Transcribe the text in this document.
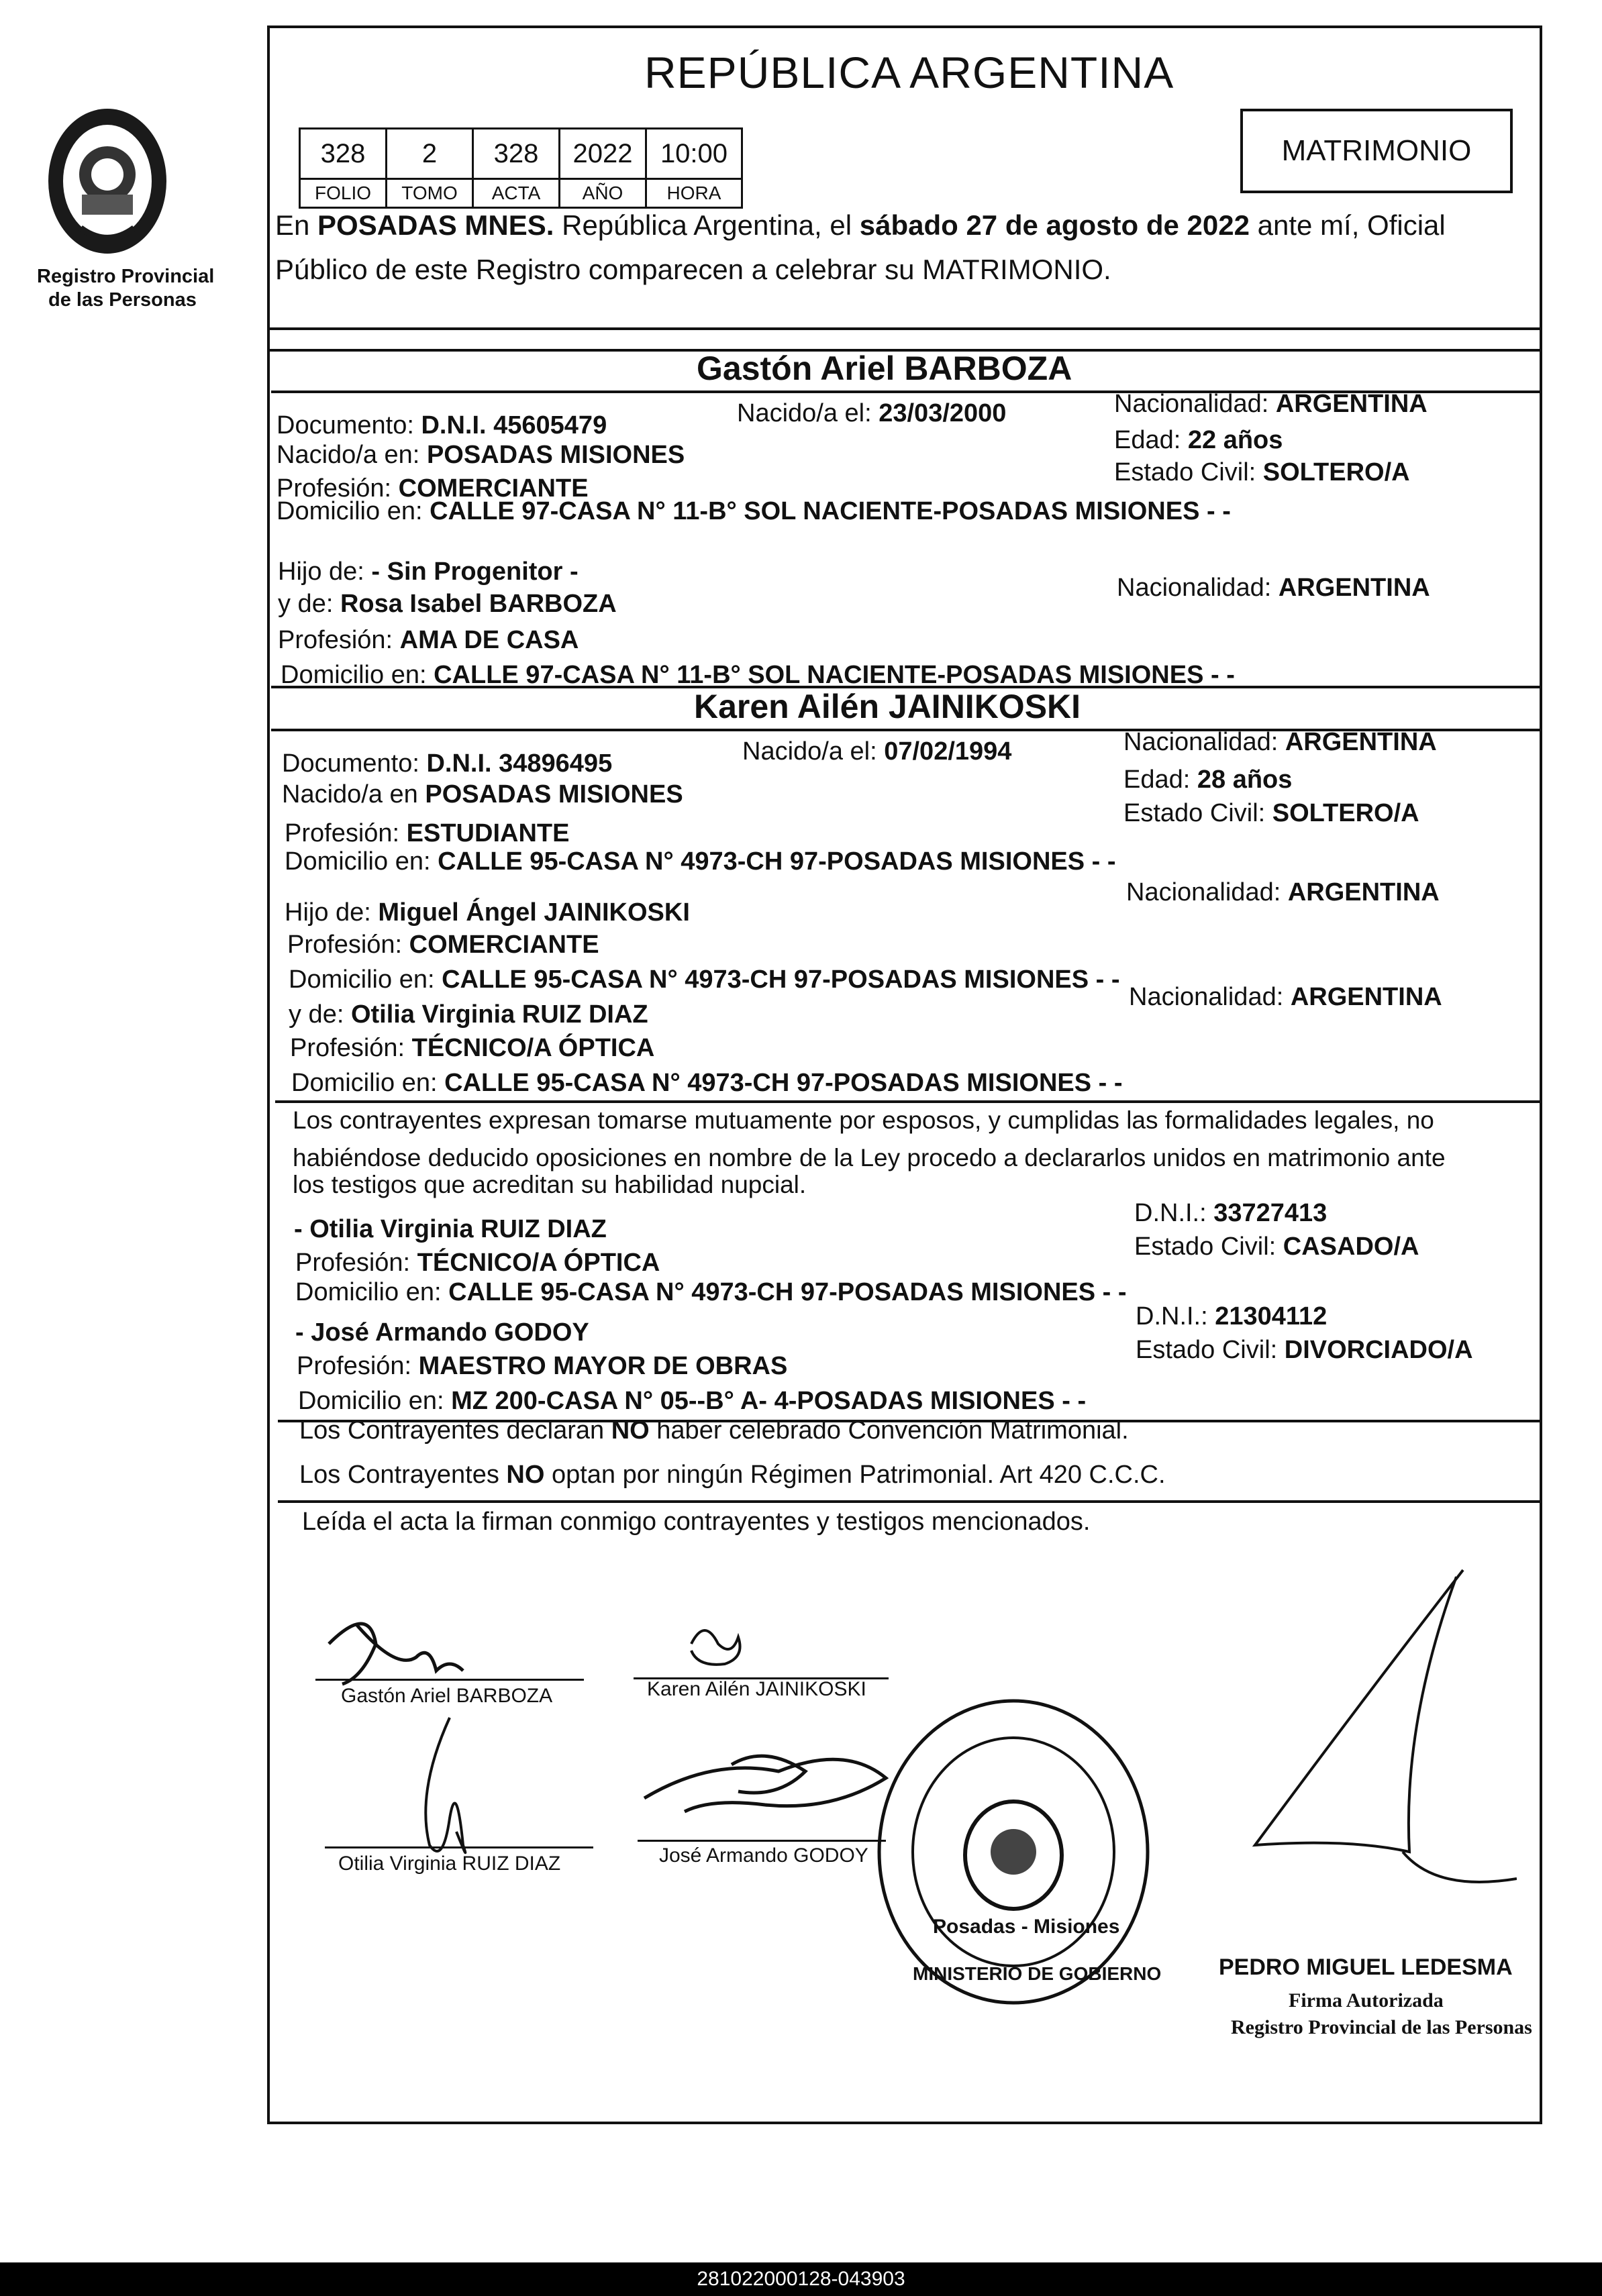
Registro Provincial
de las Personas
REPÚBLICA ARGENTINA
328	2	328	2022	10:00
FOLIO	TOMO	ACTA	AÑO	HORA
MATRIMONIO
En POSADAS MNES. República Argentina, el sábado 27 de agosto de 2022 ante mí, Oficial
Público de este Registro comparecen a celebrar su MATRIMONIO.
Gastón Ariel BARBOZA
Documento: D.N.I. 45605479	Nacido/a el: 23/03/2000	Nacionalidad: ARGENTINA
Nacido/a en: POSADAS MISIONES
Edad: 22 años
Profesión: COMERCIANTE
Estado Civil: SOLTERO/A
Domicilio en: CALLE 97-CASA N° 11-B° SOL NACIENTE-POSADAS MISIONES - -
Hijo de: - Sin Progenitor -
y de: Rosa Isabel BARBOZA
Nacionalidad: ARGENTINA
Profesión: AMA DE CASA
Domicilio en: CALLE 97-CASA N° 11-B° SOL NACIENTE-POSADAS MISIONES - -
Karen Ailén JAINIKOSKI
Documento: D.N.I. 34896495	Nacido/a el: 07/02/1994	Nacionalidad: ARGENTINA
Nacido/a en POSADAS MISIONES
Edad: 28 años
Profesión: ESTUDIANTE
Estado Civil: SOLTERO/A
Domicilio en: CALLE 95-CASA N° 4973-CH 97-POSADAS MISIONES - -
Hijo de: Miguel Ángel JAINIKOSKI
Nacionalidad: ARGENTINA
Profesión: COMERCIANTE
Domicilio en: CALLE 95-CASA N° 4973-CH 97-POSADAS MISIONES - -
y de: Otilia Virginia RUIZ DIAZ
Nacionalidad: ARGENTINA
Profesión: TÉCNICO/A ÓPTICA
Domicilio en: CALLE 95-CASA N° 4973-CH 97-POSADAS MISIONES - -
Los contrayentes expresan tomarse mutuamente por esposos, y cumplidas las formalidades legales, no
habiéndose deducido oposiciones en nombre de la Ley procedo a declararlos unidos en matrimonio ante
los testigos que acreditan su habilidad nupcial.
- Otilia Virginia RUIZ DIAZ
D.N.I.: 33727413
Profesión: TÉCNICO/A ÓPTICA
Estado Civil: CASADO/A
Domicilio en: CALLE 95-CASA N° 4973-CH 97-POSADAS MISIONES - -
- José Armando GODOY
D.N.I.: 21304112
Profesión: MAESTRO MAYOR DE OBRAS
Estado Civil: DIVORCIADO/A
Domicilio en: MZ 200-CASA N° 05--B° A- 4-POSADAS MISIONES - -
Los Contrayentes declaran NO haber celebrado Convención Matrimonial.
Los Contrayentes NO optan por ningún Régimen Patrimonial. Art 420 C.C.C.
Leída el acta la firman conmigo contrayentes y testigos mencionados.
Gastón Ariel BARBOZA	Karen Ailén JAINIKOSKI
Otilia Virginia RUIZ DIAZ	José Armando GODOY
Posadas - Misiones
MINISTERIO DE GOBIERNO	PEDRO MIGUEL LEDESMA
Firma Autorizada
Registro Provincial de las Personas
281022000128-043903
